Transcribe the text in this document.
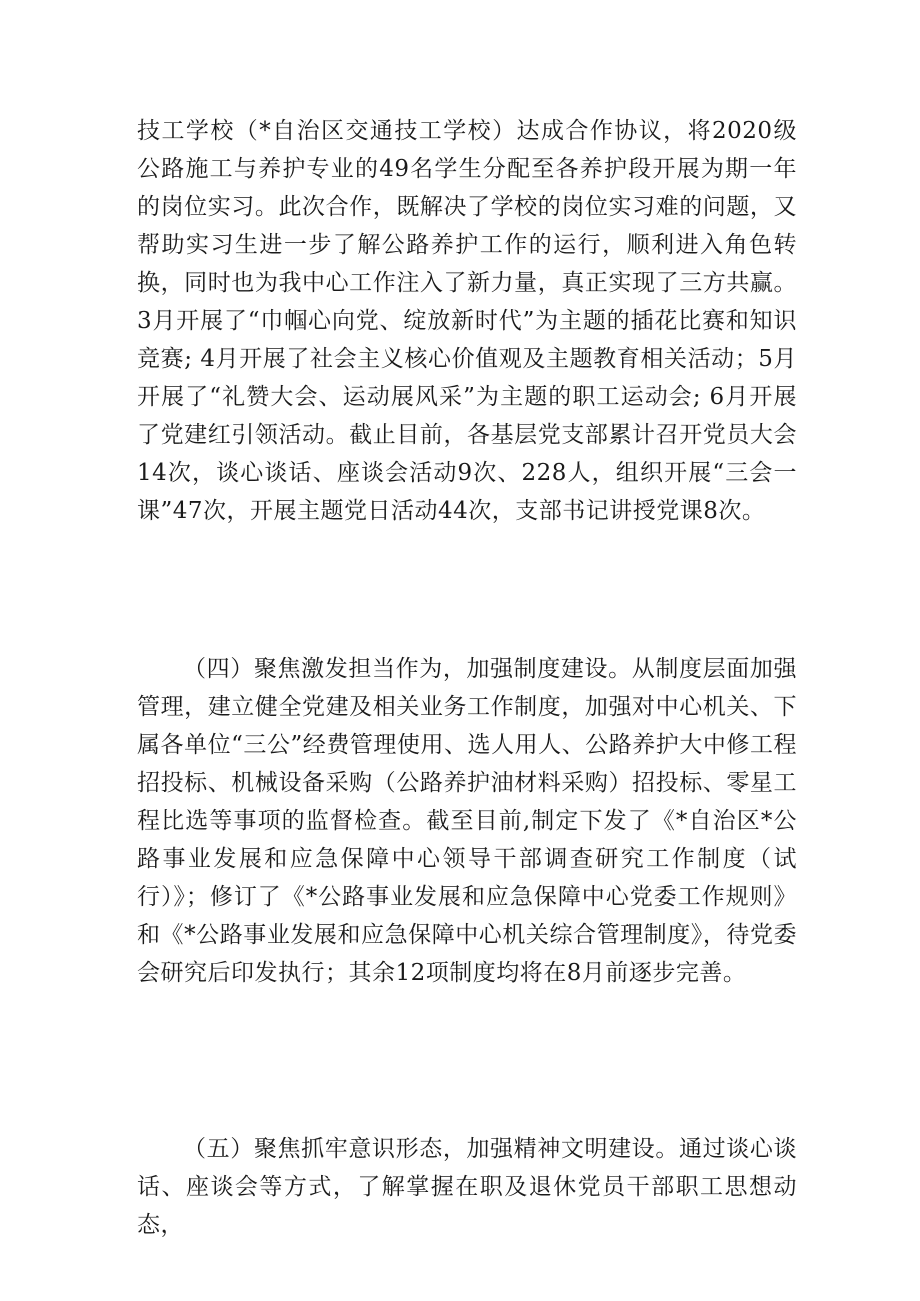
技工学校（*自治区交通技工学校）达成合作协议，将2020级公路施工与养护专业的49名学生分配至各养护段开展为期一年的岗位实习。此次合作，既解决了学校的岗位实习难的问题，又帮助实习生进一步了解公路养护工作的运行，顺利进入角色转换，同时也为我中心工作注入了新力量，真正实现了三方共赢。3月开展了“巾帼心向党、绽放新时代”为主题的插花比赛和知识竞赛; 4月开展了社会主义核心价值观及主题教育相关活动；5月开展了“礼赞大会、运动展风采”为主题的职工运动会; 6月开展了党建红引领活动。截止目前，各基层党支部累计召开党员大会14次，谈心谈话、座谈会活动9次、228人，组织开展“三会一课”47次，开展主题党日活动44次，支部书记讲授党课8次。

（四）聚焦激发担当作为，加强制度建设。从制度层面加强管理，建立健全党建及相关业务工作制度，加强对中心机关、下属各单位“三公”经费管理使用、选人用人、公路养护大中修工程招投标、机械设备采购（公路养护油材料采购）招投标、零星工程比选等事项的监督检查。截至目前,制定下发了《*自治区*公路事业发展和应急保障中心领导干部调查研究工作制度（试行）》；修订了《*公路事业发展和应急保障中心党委工作规则》和《*公路事业发展和应急保障中心机关综合管理制度》，待党委会研究后印发执行；其余12项制度均将在8月前逐步完善。

（五）聚焦抓牢意识形态，加强精神文明建设。通过谈心谈话、座谈会等方式，了解掌握在职及退休党员干部职工思想动态，
